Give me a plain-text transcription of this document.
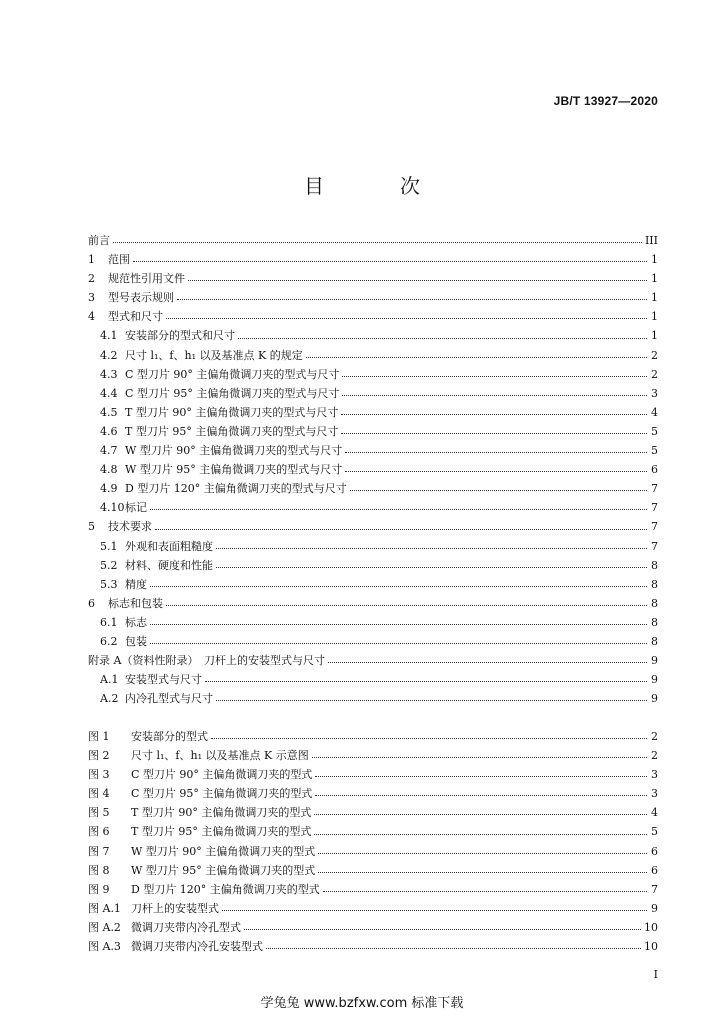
JB/T 13927—2020
目　次
前言	III
1	范围	1
2	规范性引用文件	1
3	型号表示规则	1
4	型式和尺寸	1
4.1 安装部分的型式和尺寸	1
4.2 尺寸 l₁、f、h₁ 以及基准点 K 的规定	2
4.3 C 型刀片 90° 主偏角微调刀夹的型式与尺寸	2
4.4 C 型刀片 95° 主偏角微调刀夹的型式与尺寸	3
4.5 T 型刀片 90° 主偏角微调刀夹的型式与尺寸	4
4.6 T 型刀片 95° 主偏角微调刀夹的型式与尺寸	5
4.7 W 型刀片 90° 主偏角微调刀夹的型式与尺寸	5
4.8 W 型刀片 95° 主偏角微调刀夹的型式与尺寸	6
4.9 D 型刀片 120° 主偏角微调刀夹的型式与尺寸	7
4.10 标记	7
5	技术要求	7
5.1 外观和表面粗糙度	7
5.2 材料、硬度和性能	8
5.3 精度	8
6	标志和包装	8
6.1 标志	8
6.2 包装	8
附录 A（资料性附录）　刀杆上的安装型式与尺寸	9
A.1 安装型式与尺寸	9
A.2 内冷孔型式与尺寸	9
图 1	安装部分的型式	2
图 2	尺寸 l₁、f、h₁ 以及基准点 K 示意图	2
图 3	C 型刀片 90° 主偏角微调刀夹的型式	3
图 4	C 型刀片 95° 主偏角微调刀夹的型式	3
图 5	T 型刀片 90° 主偏角微调刀夹的型式	4
图 6	T 型刀片 95° 主偏角微调刀夹的型式	5
图 7	W 型刀片 90° 主偏角微调刀夹的型式	6
图 8	W 型刀片 95° 主偏角微调刀夹的型式	6
图 9	D 型刀片 120° 主偏角微调刀夹的型式	7
图 A.1 刀杆上的安装型式	9
图 A.2 微调刀夹带内冷孔型式	10
图 A.3 微调刀夹带内冷孔安装型式	10
I
学兔兔 www.bzfxw.com 标准下载
